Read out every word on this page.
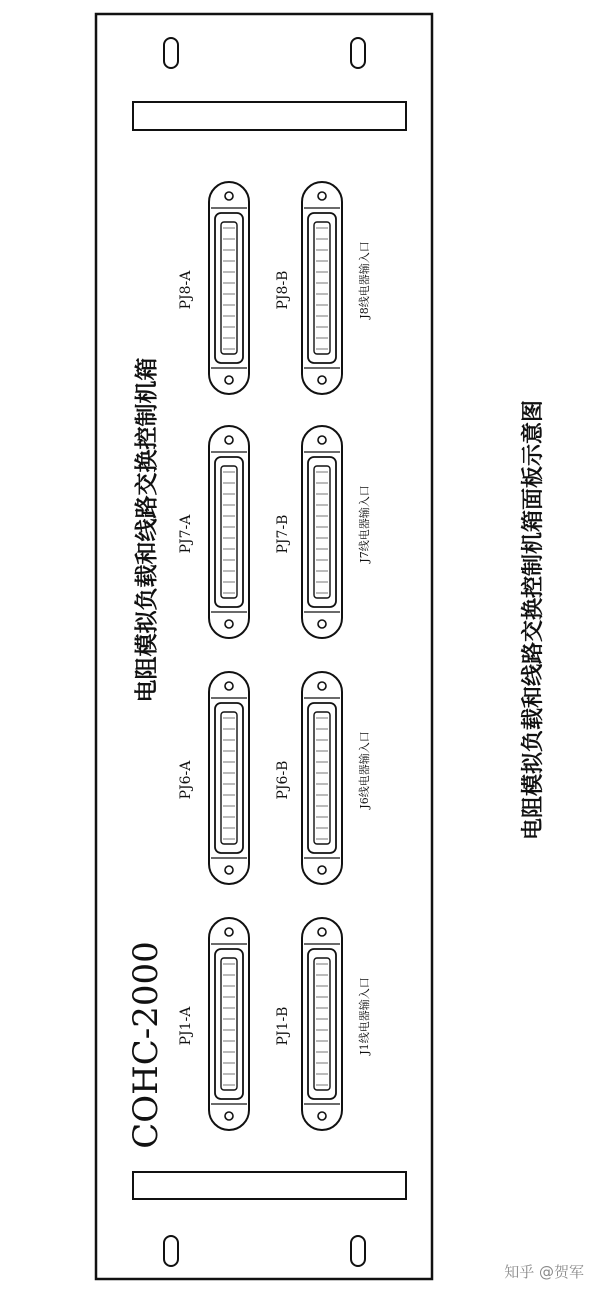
PJ8-A	PJ8-B	J8线电器输入口
PJ7-A	PJ7-B	J7线电器输入口
PJ6-A	PJ6-B	J6线电器输入口
PJ1-A	PJ1-B	J1线电器输入口
电阻模拟负载和线路交换控制机箱
COHC-2000
电阻模拟负载和线路交换控制机箱面板示意图
知乎 @贺军
